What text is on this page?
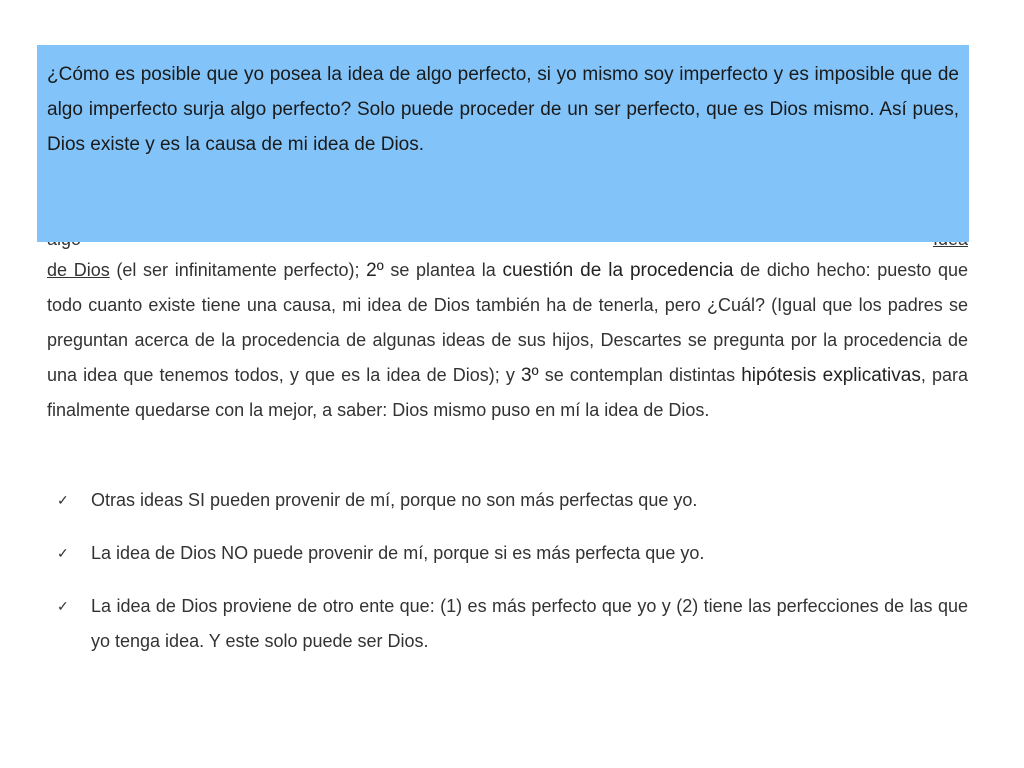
de Dios (el ser infinitamente perfecto); 2º se plantea la cuestión de la procedencia de dicho hecho: puesto que todo cuanto existe tiene una causa, mi idea de Dios también ha de tenerla, pero ¿Cuál? (Igual que los padres se preguntan acerca de la procedencia de algunas ideas de sus hijos, Descartes se pregunta por la procedencia de una idea que tenemos todos, y que es la idea de Dios); y 3º se contemplan distintas hipótesis explicativas, para finalmente quedarse con la mejor, a saber: Dios mismo puso en mí la idea de Dios.

✓ Otras ideas SI pueden provenir de mí, porque no son más perfectas que yo.
✓ La idea de Dios NO puede provenir de mí, porque si es más perfecta que yo.
✓ La idea de Dios proviene de otro ente que: (1) es más perfecto que yo y (2) tiene las perfecciones de las que yo tenga idea. Y este solo puede ser Dios.

¿Cómo es posible que yo posea la idea de algo perfecto, si yo mismo soy imperfecto y es imposible que de algo imperfecto surja algo perfecto? Solo puede proceder de un ser perfecto, que es Dios mismo. Así pues, Dios existe y es la causa de mi idea de Dios.
